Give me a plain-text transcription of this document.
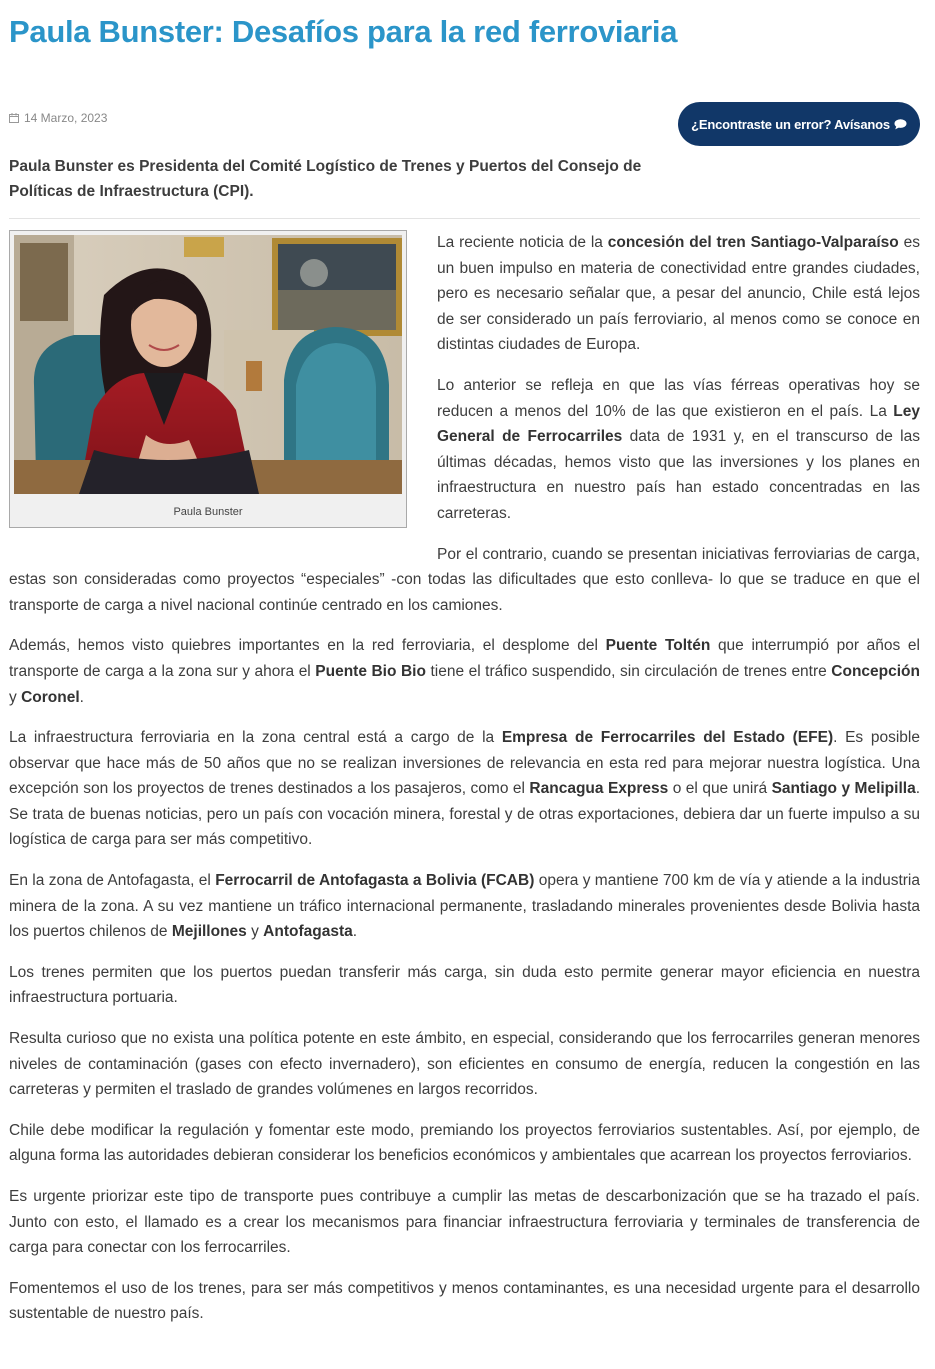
Paula Bunster: Desafíos para la red ferroviaria
14 Marzo, 2023	¿Encontraste un error? Avísanos

Paula Bunster es Presidenta del Comité Logístico de Trenes y Puertos del Consejo de Políticas de Infraestructura (CPI).

Paula Bunster

La reciente noticia de la concesión del tren Santiago-Valparaíso es un buen impulso en materia de conectividad entre grandes ciudades, pero es necesario señalar que, a pesar del anuncio, Chile está lejos de ser considerado un país ferroviario, al menos como se conoce en distintas ciudades de Europa.

Lo anterior se refleja en que las vías férreas operativas hoy se reducen a menos del 10% de las que existieron en el país. La Ley General de Ferrocarriles data de 1931 y, en el transcurso de las últimas décadas, hemos visto que las inversiones y los planes en infraestructura en nuestro país han estado concentradas en las carreteras.

Por el contrario, cuando se presentan iniciativas ferroviarias de carga, estas son consideradas como proyectos “especiales” -con todas las dificultades que esto conlleva- lo que se traduce en que el transporte de carga a nivel nacional continúe centrado en los camiones.

Además, hemos visto quiebres importantes en la red ferroviaria, el desplome del Puente Toltén que interrumpió por años el transporte de carga a la zona sur y ahora el Puente Bio Bio tiene el tráfico suspendido, sin circulación de trenes entre Concepción y Coronel.

La infraestructura ferroviaria en la zona central está a cargo de la Empresa de Ferrocarriles del Estado (EFE). Es posible observar que hace más de 50 años que no se realizan inversiones de relevancia en esta red para mejorar nuestra logística. Una excepción son los proyectos de trenes destinados a los pasajeros, como el Rancagua Express o el que unirá Santiago y Melipilla. Se trata de buenas noticias, pero un país con vocación minera, forestal y de otras exportaciones, debiera dar un fuerte impulso a su logística de carga para ser más competitivo.

En la zona de Antofagasta, el Ferrocarril de Antofagasta a Bolivia (FCAB) opera y mantiene 700 km de vía y atiende a la industria minera de la zona. A su vez mantiene un tráfico internacional permanente, trasladando minerales provenientes desde Bolivia hasta los puertos chilenos de Mejillones y Antofagasta.

Los trenes permiten que los puertos puedan transferir más carga, sin duda esto permite generar mayor eficiencia en nuestra infraestructura portuaria.

Resulta curioso que no exista una política potente en este ámbito, en especial, considerando que los ferrocarriles generan menores niveles de contaminación (gases con efecto invernadero), son eficientes en consumo de energía, reducen la congestión en las carreteras y permiten el traslado de grandes volúmenes en largos recorridos.

Chile debe modificar la regulación y fomentar este modo, premiando los proyectos ferroviarios sustentables. Así, por ejemplo, de alguna forma las autoridades debieran considerar los beneficios económicos y ambientales que acarrean los proyectos ferroviarios.

Es urgente priorizar este tipo de transporte pues contribuye a cumplir las metas de descarbonización que se ha trazado el país. Junto con esto, el llamado es a crear los mecanismos para financiar infraestructura ferroviaria y terminales de transferencia de carga para conectar con los ferrocarriles.

Fomentemos el uso de los trenes, para ser más competitivos y menos contaminantes, es una necesidad urgente para el desarrollo sustentable de nuestro país.
